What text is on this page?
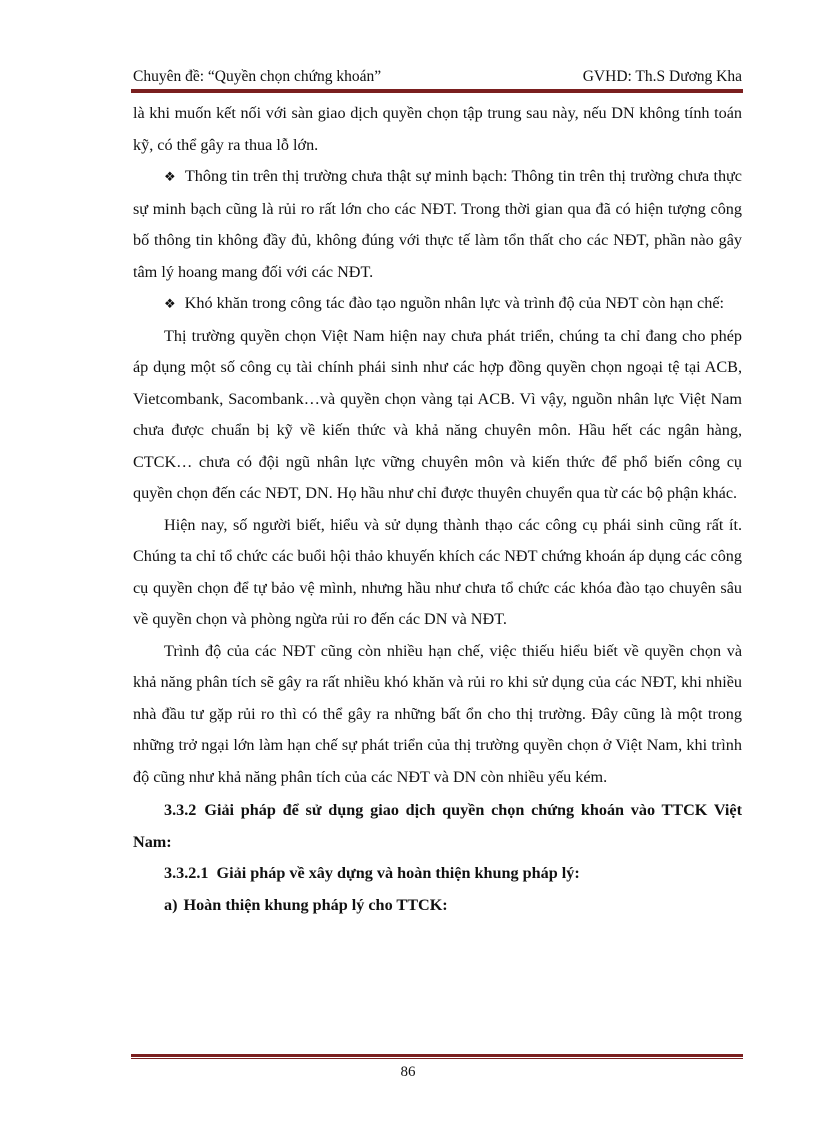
Chuyên đề: “Quyền chọn chứng khoán”	GVHD: Th.S Dương Kha

là khi muốn kết nối với sàn giao dịch quyền chọn tập trung sau này, nếu DN không tính toán kỹ, có thể gây ra thua lỗ lớn.

❖ Thông tin trên thị trường chưa thật sự minh bạch: Thông tin trên thị trường chưa thực sự minh bạch cũng là rủi ro rất lớn cho các NĐT. Trong thời gian qua đã có hiện tượng công bố thông tin không đầy đủ, không đúng với thực tế làm tổn thất cho các NĐT, phần nào gây tâm lý hoang mang đối với các NĐT.

❖ Khó khăn trong công tác đào tạo nguồn nhân lực và trình độ của NĐT còn hạn chế:

Thị trường quyền chọn Việt Nam hiện nay chưa phát triển, chúng ta chỉ đang cho phép áp dụng một số công cụ tài chính phái sinh như các hợp đồng quyền chọn ngoại tệ tại ACB, Vietcombank, Sacombank…và quyền chọn vàng tại ACB. Vì vậy, nguồn nhân lực Việt Nam chưa được chuẩn bị kỹ về kiến thức và khả năng chuyên môn. Hầu hết các ngân hàng, CTCK… chưa có đội ngũ nhân lực vững chuyên môn và kiến thức để phổ biến công cụ quyền chọn đến các NĐT, DN. Họ hầu như chỉ được thuyên chuyển qua từ các bộ phận khác.

Hiện nay, số người biết, hiểu và sử dụng thành thạo các công cụ phái sinh cũng rất ít. Chúng ta chỉ tổ chức các buổi hội thảo khuyến khích các NĐT chứng khoán áp dụng các công cụ quyền chọn để tự bảo vệ mình, nhưng hầu như chưa tổ chức các khóa đào tạo chuyên sâu về quyền chọn và phòng ngừa rủi ro đến các DN và NĐT.

Trình độ của các NĐT cũng còn nhiều hạn chế, việc thiếu hiểu biết về quyền chọn và khả năng phân tích sẽ gây ra rất nhiều khó khăn và rủi ro khi sử dụng của các NĐT, khi nhiều nhà đầu tư gặp rủi ro thì có thể gây ra những bất ổn cho thị trường. Đây cũng là một trong những trở ngại lớn làm hạn chế sự phát triển của thị trường quyền chọn ở Việt Nam, khi trình độ cũng như khả năng phân tích của các NĐT và DN còn nhiều yếu kém.

3.3.2 Giải pháp để sử dụng giao dịch quyền chọn chứng khoán vào TTCK Việt Nam:

3.3.2.1 Giải pháp về xây dựng và hoàn thiện khung pháp lý:

a) Hoàn thiện khung pháp lý cho TTCK:

86
